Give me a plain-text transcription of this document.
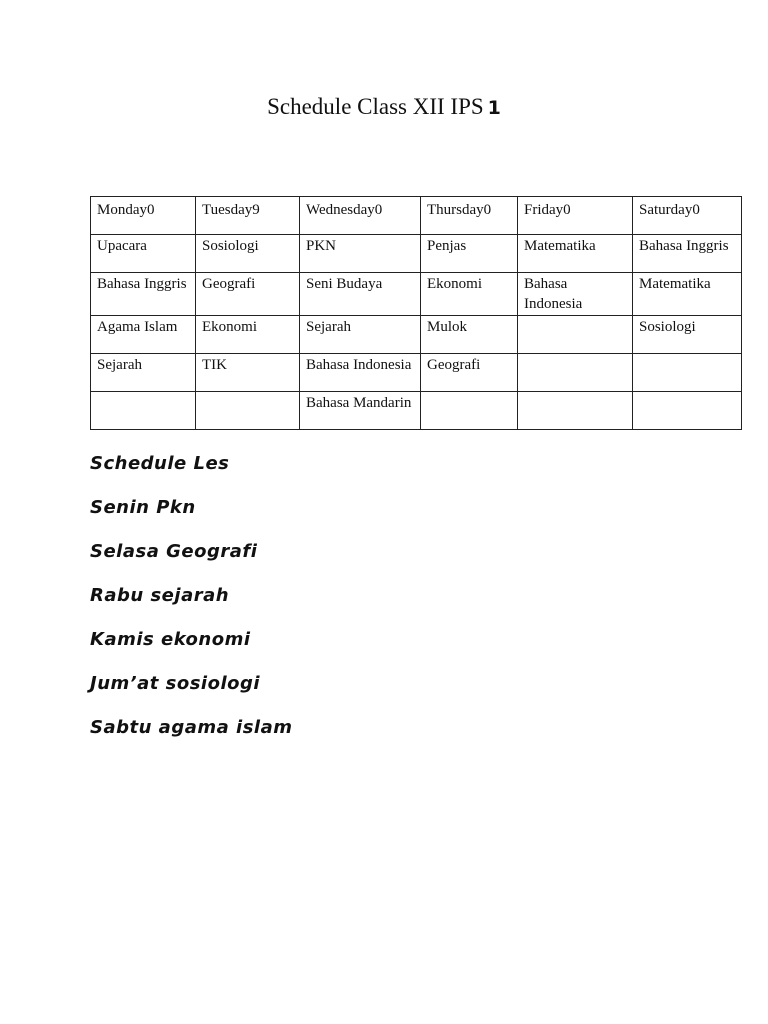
Schedule Class XII IPS 1
Monday0	Tuesday9	Wednesday0	Thursday0	Friday0	Saturday0
Upacara	Sosiologi	PKN	Penjas	Matematika	Bahasa Inggris
Bahasa Inggris	Geografi	Seni Budaya	Ekonomi	Bahasa Indonesia	Matematika
Agama Islam	Ekonomi	Sejarah	Mulok		Sosiologi
Sejarah	TIK	Bahasa Indonesia	Geografi		
		Bahasa Mandarin			
Schedule Les
Senin Pkn
Selasa Geografi
Rabu sejarah
Kamis ekonomi
Jum’at sosiologi
Sabtu agama islam
